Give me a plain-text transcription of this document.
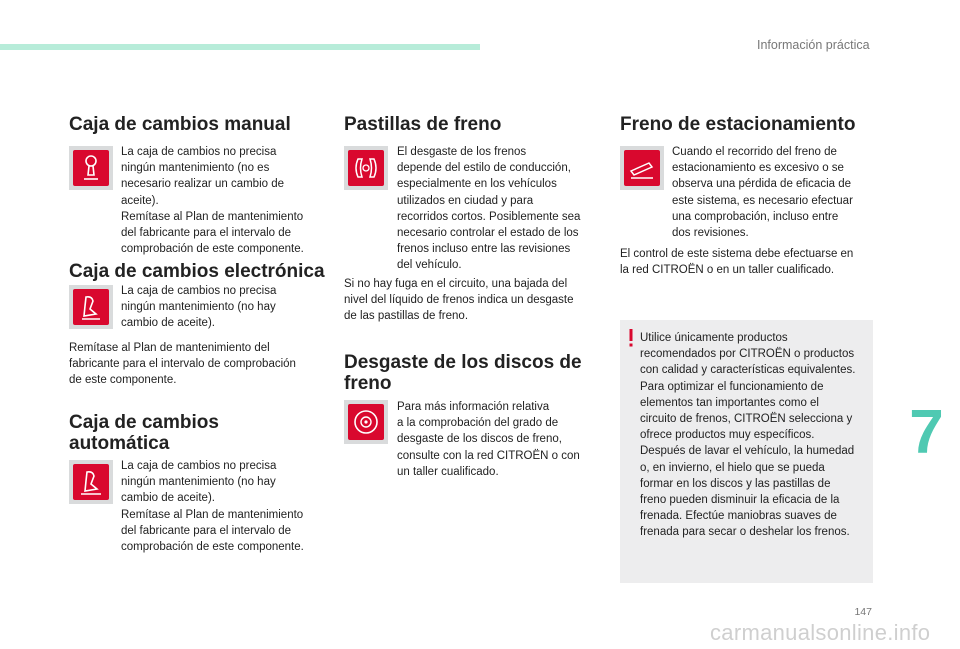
Información práctica
7
Caja de cambios manual

La caja de cambios no precisa
ningún mantenimiento (no es
necesario realizar un cambio de
aceite).
Remítase al Plan de mantenimiento
del fabricante para el intervalo de
comprobación de este componente.

Caja de cambios electrónica

La caja de cambios no precisa
ningún mantenimiento (no hay
cambio de aceite).

Remítase al Plan de mantenimiento del
fabricante para el intervalo de comprobación
de este componente.

Caja de cambios
automática

La caja de cambios no precisa
ningún mantenimiento (no hay
cambio de aceite).
Remítase al Plan de mantenimiento
del fabricante para el intervalo de
comprobación de este componente.

Pastillas de freno

El desgaste de los frenos
depende del estilo de conducción,
especialmente en los vehículos
utilizados en ciudad y para
recorridos cortos. Posiblemente sea
necesario controlar el estado de los
frenos incluso entre las revisiones
del vehículo.

Si no hay fuga en el circuito, una bajada del
nivel del líquido de frenos indica un desgaste
de las pastillas de freno.

Desgaste de los discos de
freno

Para más información relativa
a la comprobación del grado de
desgaste de los discos de freno,
consulte con la red CITROËN o con
un taller cualificado.

Freno de estacionamiento

Cuando el recorrido del freno de
estacionamiento es excesivo o se
observa una pérdida de eficacia de
este sistema, es necesario efectuar
una comprobación, incluso entre
dos revisiones.

El control de este sistema debe efectuarse en
la red CITROËN o en un taller cualificado.

Utilice únicamente productos
recomendados por CITROËN o productos
con calidad y características equivalentes.
Para optimizar el funcionamiento de
elementos tan importantes como el
circuito de frenos, CITROËN selecciona y
ofrece productos muy específicos.
Después de lavar el vehículo, la humedad
o, en invierno, el hielo que se pueda
formar en los discos y las pastillas de
freno pueden disminuir la eficacia de la
frenada. Efectúe maniobras suaves de
frenada para secar o deshelar los frenos.

147
carmanualsonline.info
